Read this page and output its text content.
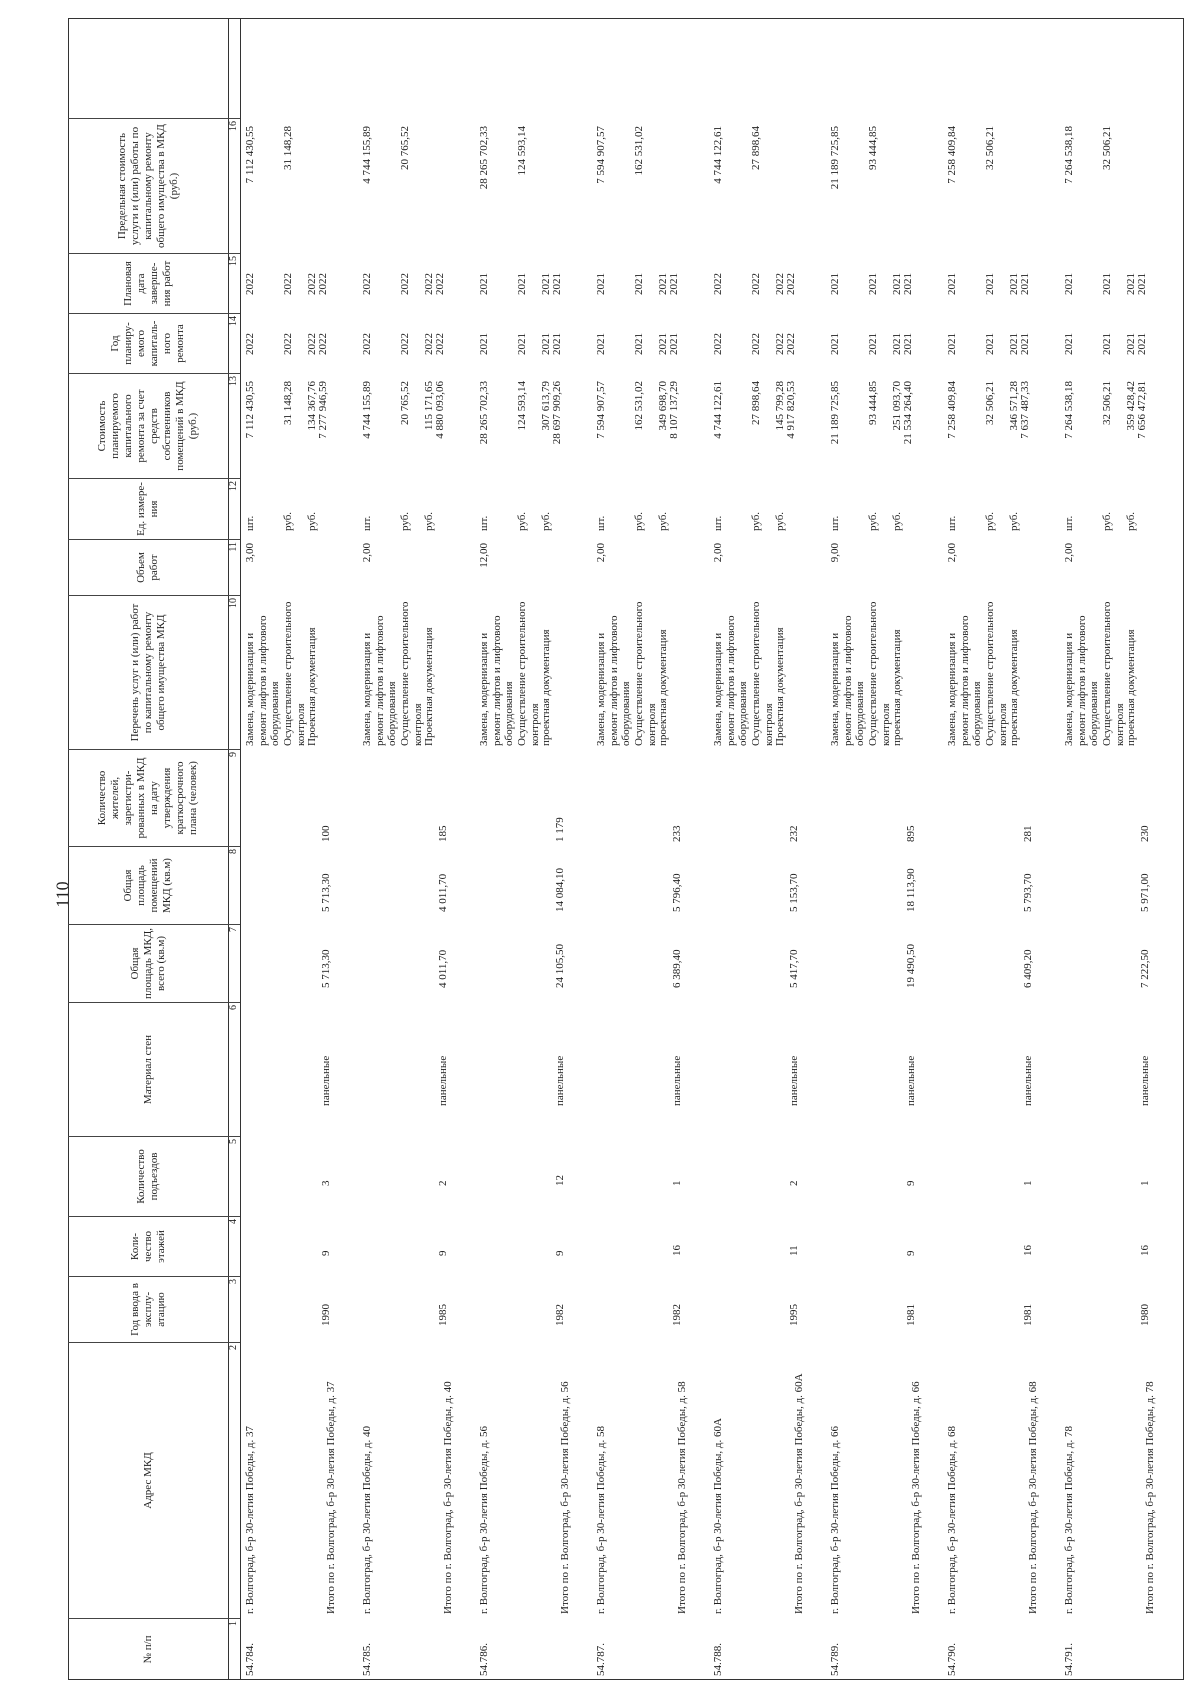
110
№ п/п
Адрес МКД
Год ввода в эксплу-атацию
Коли-чество этажей
Количество подъездов
Материал стен
Общая площадь МКД, всего (кв.м)
Общая площадь помещений МКД (кв.м)
Количество жителей, зарегистри-рованных в МКД на дату утверждения краткосрочного плана (человек)
Перечень услуг и (или) работ по капитальному ремонту общего имущества МКД
Объем работ
Ед. измере-ния
Стоимость планируемого капитального ремонта за счет средств собственников помещений в МКД (руб.)
Год планиру-емого капиталь-ного ремонта
Плановая дата заверше-ния работ
Предельная стоимость услуги и (или) работы по капитальному ремонту общего имущества в МКД (руб.)
1
2
3
4
5
6
7
8
9
10
11
12
13
14
15
16
54.784.
г. Волгоград, б-р 30-летия Победы, д. 37
Замена, модернизация и ремонт лифтов и лифтового оборудования
3,00
шт.
7 112 430,55
2022
2022
7 112 430,55
Осуществление строительного контроля
руб.
31 148,28
2022
2022
31 148,28
Проектная документация
руб.
134 367,76
2022
2022
Итого по г. Волгоград, б-р 30-летия Победы, д. 37
1990
9
3
панельные
5 713,30
5 713,30
100
7 277 946,59
2022
2022
54.785.
г. Волгоград, б-р 30-летия Победы, д. 40
Замена, модернизация и ремонт лифтов и лифтового оборудования
2,00
шт.
4 744 155,89
2022
2022
4 744 155,89
Осуществление строительного контроля
руб.
20 765,52
2022
2022
20 765,52
Проектная документация
руб.
115 171,65
2022
2022
Итого по г. Волгоград, б-р 30-летия Победы, д. 40
1985
9
2
панельные
4 011,70
4 011,70
185
4 880 093,06
2022
2022
54.786.
г. Волгоград, б-р 30-летия Победы, д. 56
Замена, модернизация и ремонт лифтов и лифтового оборудования
12,00
шт.
28 265 702,33
2021
2021
28 265 702,33
Осуществление строительного контроля
руб.
124 593,14
2021
2021
124 593,14
проектная документация
руб.
307 613,79
2021
2021
Итого по г. Волгоград, б-р 30-летия Победы, д. 56
1982
9
12
панельные
24 105,50
14 084,10
1 179
28 697 909,26
2021
2021
54.787.
г. Волгоград, б-р 30-летия Победы, д. 58
Замена, модернизация и ремонт лифтов и лифтового оборудования
2,00
шт.
7 594 907,57
2021
2021
7 594 907,57
Осуществление строительного контроля
руб.
162 531,02
2021
2021
162 531,02
проектная документация
руб.
349 698,70
2021
2021
Итого по г. Волгоград, б-р 30-летия Победы, д. 58
1982
16
1
панельные
6 389,40
5 796,40
233
8 107 137,29
2021
2021
54.788.
г. Волгоград, б-р 30-летия Победы, д. 60А
Замена, модернизация и ремонт лифтов и лифтового оборудования
2,00
шт.
4 744 122,61
2022
2022
4 744 122,61
Осуществление строительного контроля
руб.
27 898,64
2022
2022
27 898,64
Проектная документация
руб.
145 799,28
2022
2022
Итого по г. Волгоград, б-р 30-летия Победы, д. 60А
1995
11
2
панельные
5 417,70
5 153,70
232
4 917 820,53
2022
2022
54.789.
г. Волгоград, б-р 30-летия Победы, д. 66
Замена, модернизация и ремонт лифтов и лифтового оборудования
9,00
шт.
21 189 725,85
2021
2021
21 189 725,85
Осуществление строительного контроля
руб.
93 444,85
2021
2021
93 444,85
проектная документация
руб.
251 093,70
2021
2021
Итого по г. Волгоград, б-р 30-летия Победы, д. 66
1981
9
9
панельные
19 490,50
18 113,90
895
21 534 264,40
2021
2021
54.790.
г. Волгоград, б-р 30-летия Победы, д. 68
Замена, модернизация и ремонт лифтов и лифтового оборудования
2,00
шт.
7 258 409,84
2021
2021
7 258 409,84
Осуществление строительного контроля
руб.
32 506,21
2021
2021
32 506,21
проектная документация
руб.
346 571,28
2021
2021
Итого по г. Волгоград, б-р 30-летия Победы, д. 68
1981
16
1
панельные
6 409,20
5 793,70
281
7 637 487,33
2021
2021
54.791.
г. Волгоград, б-р 30-летия Победы, д. 78
Замена, модернизация и ремонт лифтов и лифтового оборудования
2,00
шт.
7 264 538,18
2021
2021
7 264 538,18
Осуществление строительного контроля
руб.
32 506,21
2021
2021
32 506,21
проектная документация
руб.
359 428,42
2021
2021
Итого по г. Волгоград, б-р 30-летия Победы, д. 78
1980
16
1
панельные
7 222,50
5 971,00
230
7 656 472,81
2021
2021
